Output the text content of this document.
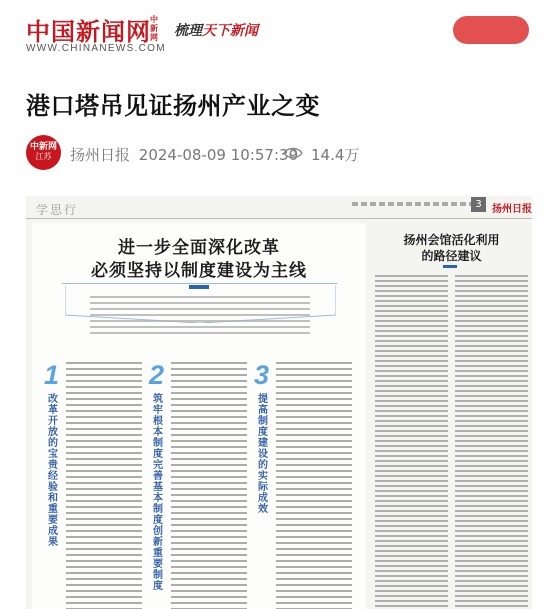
中国新闻网 中新网
WWW.CHINANEWS.COM
梳理天下新闻
港口塔吊见证扬州产业之变
中新网
江苏	扬州日报 2024-08-09 10:57:30 14.4万
学思行	3	扬州日报
进一步全面深化改革
必须坚持以制度建设为主线
1
改革开放的宝贵经验和重要成果
2
筑牢根本制度完善基本制度创新重要制度
3
提高制度建设的实际成效
扬州会馆活化利用
的路径建议
